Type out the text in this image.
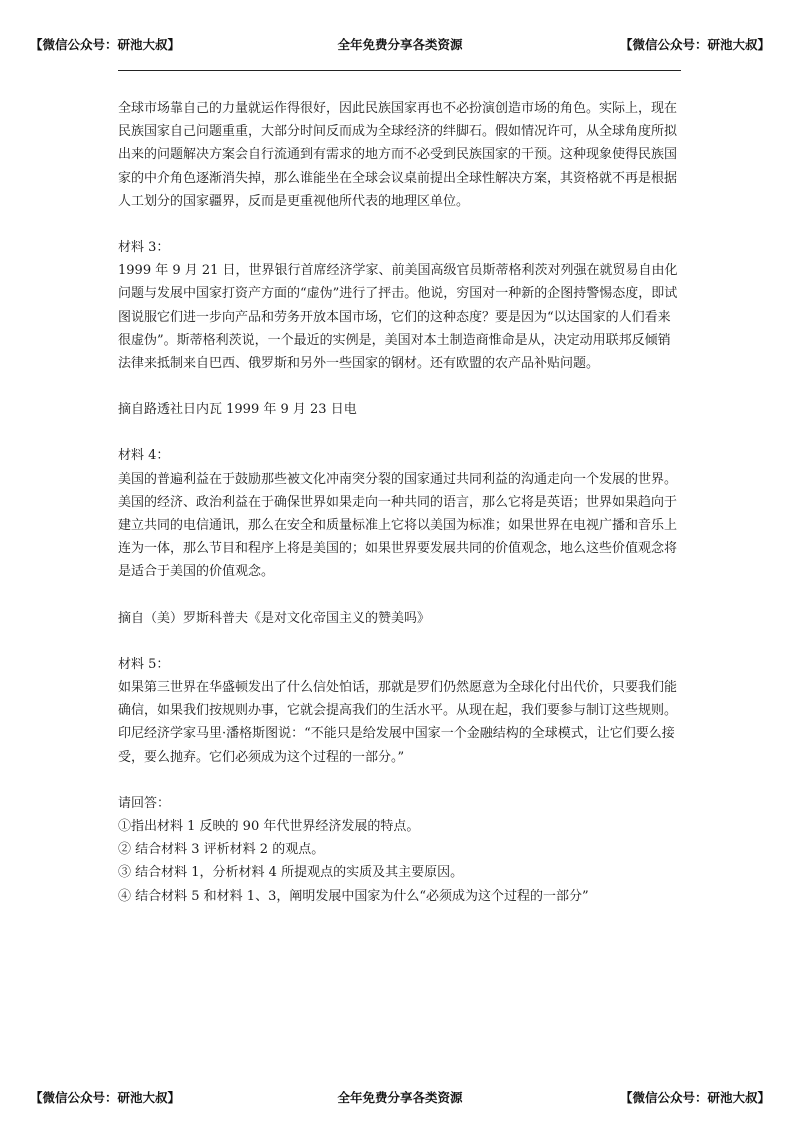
全年免费分享各类资源
【微信公众号：研池大叔】	【微信公众号：研池大叔】

全球市场靠自己的力量就运作得很好，因此民族国家再也不必扮演创造市场的角色。实际上，现在民族国家自己问题重重，大部分时间反而成为全球经济的绊脚石。假如情况许可，从全球角度所拟出来的问题解决方案会自行流通到有需求的地方而不必受到民族国家的干预。这种现象使得民族国家的中介角色逐渐消失掉，那么谁能坐在全球会议桌前提出全球性解决方案，其资格就不再是根据人工划分的国家疆界，反而是更重视他所代表的地理区单位。

材料 3：

1999 年 9 月 21 日，世界银行首席经济学家、前美国高级官员斯蒂格利茨对列强在就贸易自由化问题与发展中国家打资产方面的“虚伪”进行了抨击。他说，穷国对一种新的企图持警惕态度，即试图说服它们进一步向产品和劳务开放本国市场，它们的这种态度？要是因为“以达国家的人们看来很虚伪”。斯蒂格利茨说，一个最近的实例是，美国对本土制造商惟命是从，决定动用联邦反倾销法律来抵制来自巴西、俄罗斯和另外一些国家的钢材。还有欧盟的农产品补贴问题。

摘自路透社日内瓦 1999 年 9 月 23 日电

材料 4：

美国的普遍利益在于鼓励那些被文化冲南突分裂的国家通过共同利益的沟通走向一个发展的世界。美国的经济、政治利益在于确保世界如果走向一种共同的语言，那么它将是英语；世界如果趋向于建立共同的电信通讯，那么在安全和质量标准上它将以美国为标准；如果世界在电视广播和音乐上连为一体，那么节目和程序上将是美国的；如果世界要发展共同的价值观念，地么这些价值观念将是适合于美国的价值观念。

摘自（美）罗斯科普夫《是对文化帝国主义的赞美吗》

材料 5：

如果第三世界在华盛顿发出了什么信处怕话，那就是罗们仍然愿意为全球化付出代价，只要我们能确信，如果我们按规则办事，它就会提高我们的生活水平。从现在起，我们要参与制订这些规则。印尼经济学家马里·潘格斯图说：“不能只是给发展中国家一个金融结构的全球模式，让它们要么接受，要么抛弃。它们必须成为这个过程的一部分。”

请回答：

①指出材料 1 反映的 90 年代世界经济发展的特点。

② 结合材料 3 评析材料 2 的观点。

③ 结合材料 1，分析材料 4 所提观点的实质及其主要原因。

④ 结合材料 5 和材料 1、3，阐明发展中国家为什么“必须成为这个过程的一部分”

全年免费分享各类资源
【微信公众号：研池大叔】	【微信公众号：研池大叔】
